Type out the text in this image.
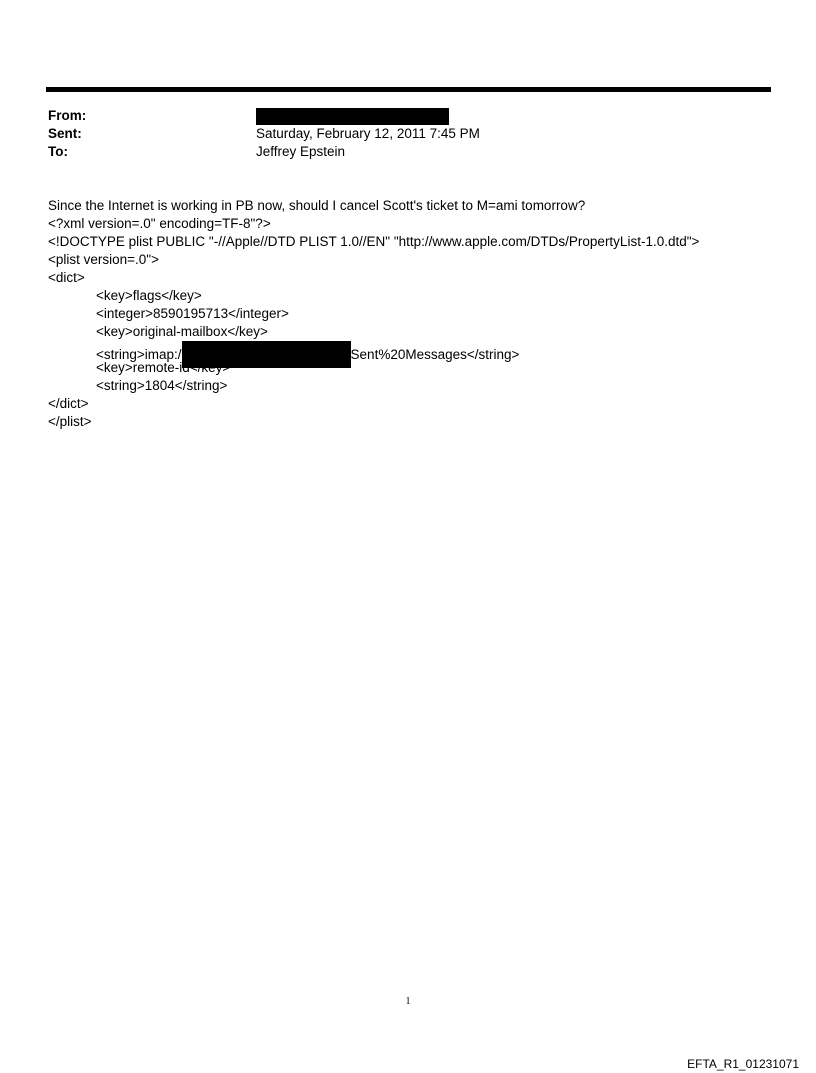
From:
Sent:	Saturday, February 12, 2011 7:45 PM
To:	Jeffrey Epstein
Since the Internet is working in PB now, should I cancel Scott's ticket to M=ami tomorrow?
<?xml version=.0" encoding=TF-8"?>
<!DOCTYPE plist PUBLIC "-//Apple//DTD PLIST 1.0//EN" "http://www.apple.com/DTDs/PropertyList-1.0.dtd">
<plist version=.0">
<dict>
<key>flags</key>
<integer>8590195713</integer>
<key>original-mailbox</key>
<string>imap:/	Sent%20Messages</string>
<key>remote-id</key>
<string>1804</string>
</dict>
</plist>
1
EFTA_R1_01231071
